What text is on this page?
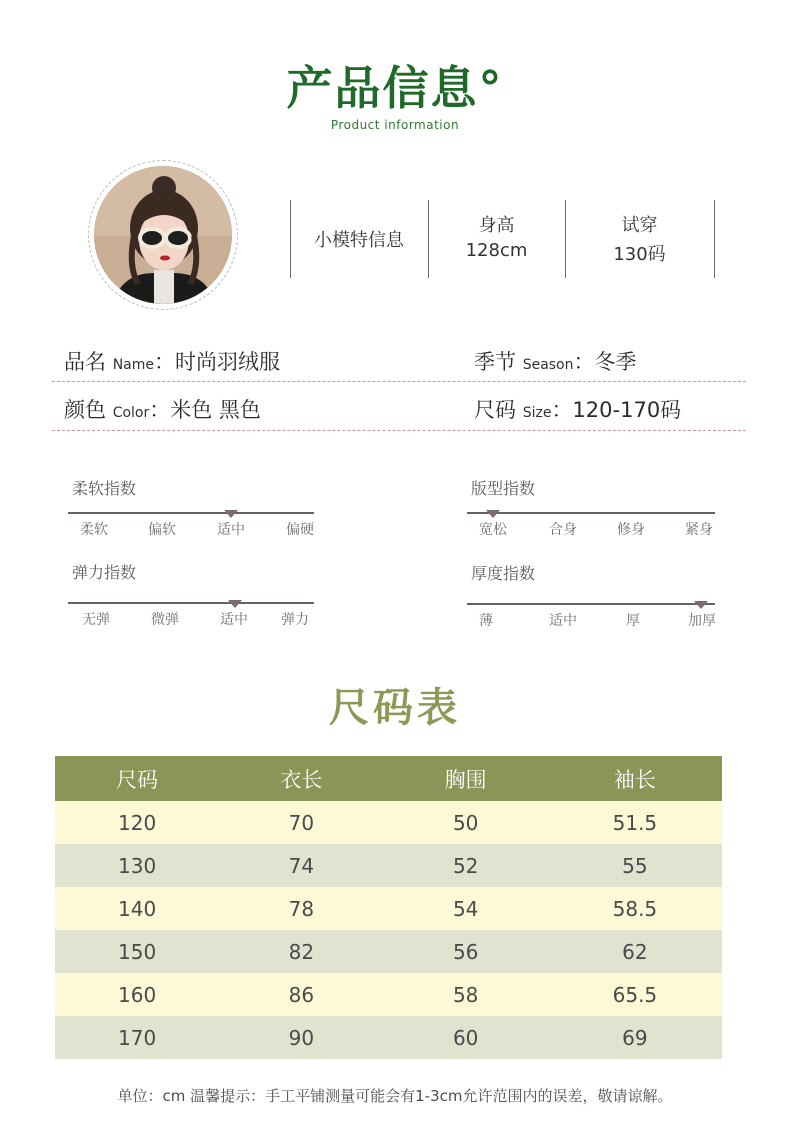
产品信息°
Product information
小模特信息
身高
128cm
试穿
130码
品名 Name：时尚羽绒服	季节 Season：冬季
颜色 Color：米色 黑色	尺码 Size：120-170码
柔软指数
柔软	偏软	适中	偏硬
版型指数
宽松	合身	修身	紧身
弹力指数
无弹	微弹	适中	弹力
厚度指数
薄	适中	厚	加厚
尺码表
尺码	衣长	胸围	袖长
120	70	50	51.5
130	74	52	55
140	78	54	58.5
150	82	56	62
160	86	58	65.5
170	90	60	69
单位：cm 温馨提示：手工平铺测量可能会有1-3cm允许范围内的误差，敬请谅解。
